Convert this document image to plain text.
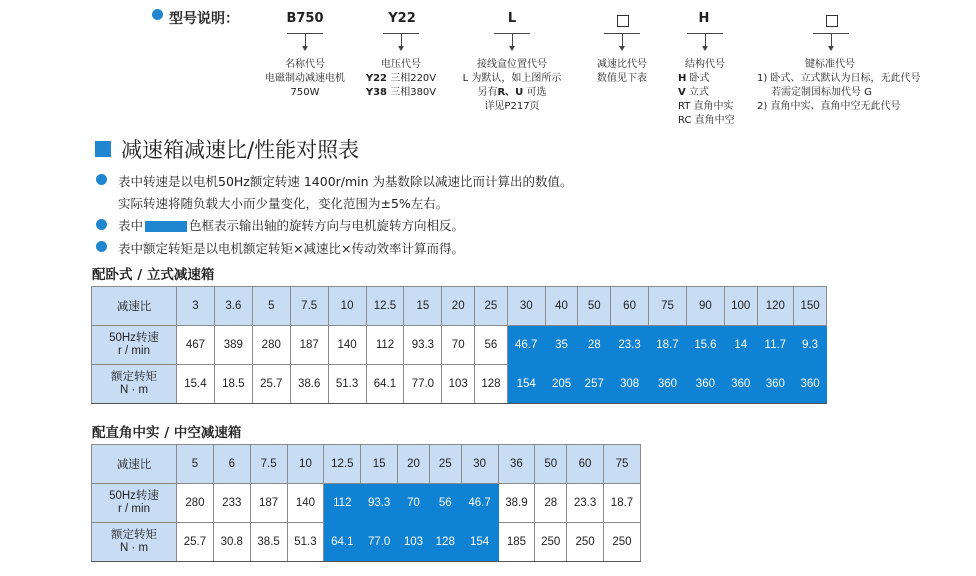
型号说明：	B750	Y22	L	H
名称代号
电磁制动减速电机
750W
电压代号
Y22 三相220V
Y38 三相380V
接线盒位置代号
L 为默认，如上图所示
另有R、U 可选
详见P217页
减速比代号
数值见下表
结构代号
H 卧式
V 立式
RT 直角中实
RC 直角中空
键标准代号
1) 卧式、立式默认为日标，无此代号
若需定制国标加代号 G
2) 直角中实、直角中空无此代号
减速箱减速比/性能对照表
表中转速是以电机50Hz额定转速 1400r/min 为基数除以减速比而计算出的数值。
实际转速将随负载大小而少量变化，变化范围为±5%左右。
表中	色框表示输出轴的旋转方向与电机旋转方向相反。
表中额定转矩是以电机额定转矩×减速比×传动效率计算而得。
配卧式 / 立式减速箱
减速比	3	3.6	5	7.5	10	12.5	15	20	25	30	40	50	60	75	90	100	120	150

50Hz转速
r / min	467	389	280	187	140	112	93.3	70	56	46.7	35	28	23.3	18.7	15.6	14	11.7	9.3

额定转矩
N · m	15.4	18.5	25.7	38.6	51.3	64.1	77.0	103	128	154	205	257	308	360	360	360	360	360
配直角中实 / 中空减速箱
减速比	5	6	7.5	10	12.5	15	20	25	30	36	50	60	75

50Hz转速
r / min	280	233	187	140	112	93.3	70	56	46.7	38.9	28	23.3	18.7

额定转矩
N · m	25.7	30.8	38.5	51.3	64.1	77.0	103	128	154	185	250	250	250
